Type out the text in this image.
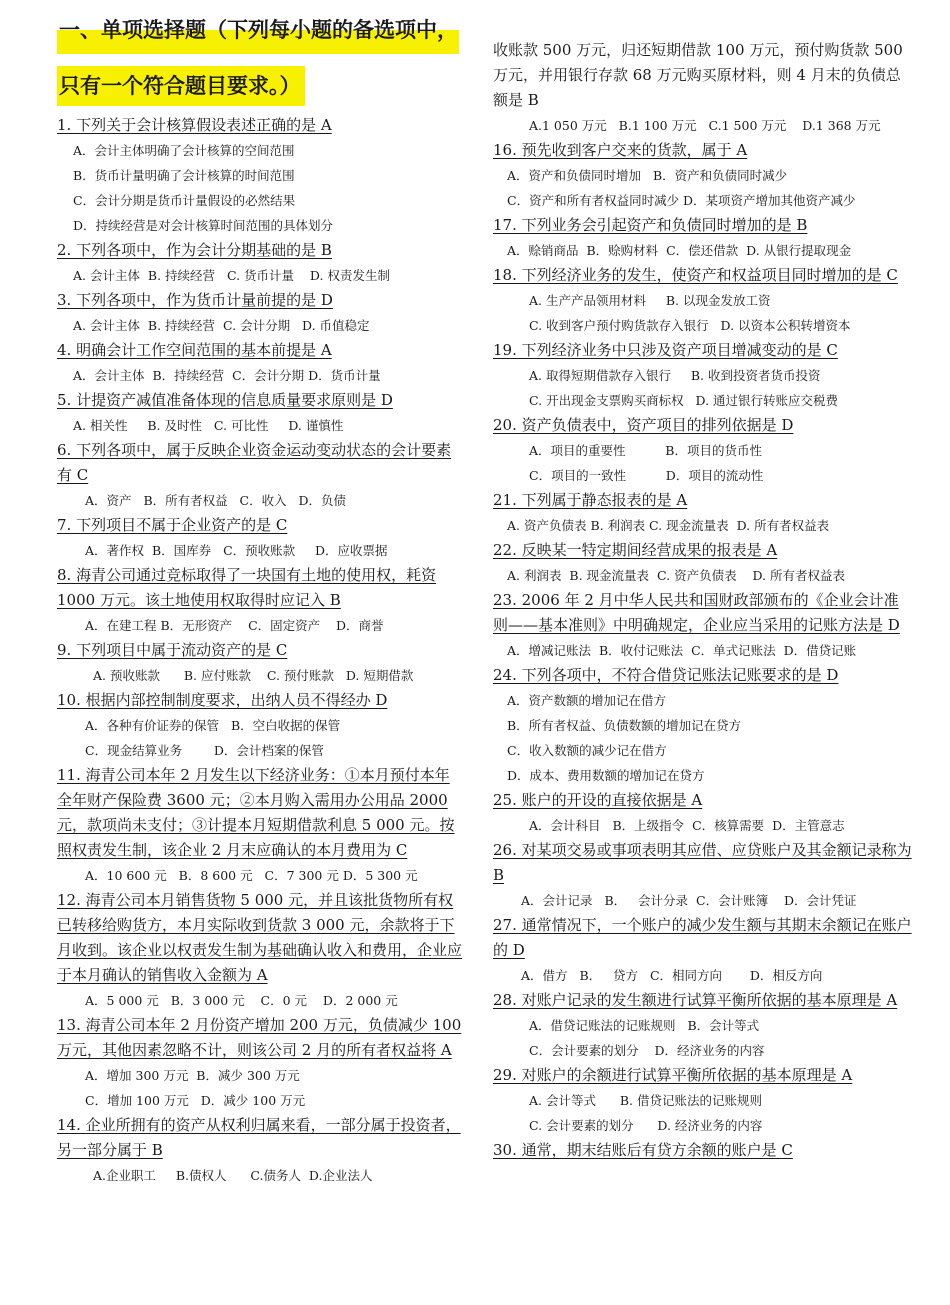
一、单项选择题（下列每小题的备选项中，
只有一个符合题目要求。）

1. 下列关于会计核算假设表述正确的是 A

A．会计主体明确了会计核算的空间范围

B．货币计量明确了会计核算的时间范围

C．会计分期是货币计量假设的必然结果

D．持续经营是对会计核算时间范围的具体划分

2. 下列各项中，作为会计分期基础的是 B

A. 会计主体  B. 持续经营   C. 货币计量    D. 权责发生制

3. 下列各项中，作为货币计量前提的是 D

A. 会计主体  B. 持续经营  C. 会计分期   D. 币值稳定

4. 明确会计工作空间范围的基本前提是 A

A．会计主体  B．持续经营  C．会计分期 D．货币计量

5. 计提资产减值准备体现的信息质量要求原则是 D

A. 相关性     B. 及时性   C. 可比性     D. 谨慎性

6. 下列各项中，属于反映企业资金运动变动状态的会计要素有 C

A．资产   B．所有者权益   C．收入   D．负债

7. 下列项目不属于企业资产的是 C

A．著作权  B．国库券   C．预收账款     D．应收票据

8. 海青公司通过竞标取得了一块国有土地的使用权，耗资 1000 万元。该土地使用权取得时应记入 B

A．在建工程 B．无形资产    C．固定资产    D．商誉

9. 下列项目中属于流动资产的是 C

A. 预收账款      B. 应付账款    C. 预付账款   D. 短期借款

10. 根据内部控制制度要求，出纳人员不得经办 D

A．各种有价证券的保管   B．空白收据的保管

C．现金结算业务        D．会计档案的保管

11. 海青公司本年 2 月发生以下经济业务：①本月预付本年全年财产保险费 3600 元；②本月购入需用办公用品 2000 元，款项尚未支付；③计提本月短期借款利息 5 000 元。按照权责发生制，该企业 2 月末应确认的本月费用为 C

A．10 600 元   B．8 600 元   C．7 300 元 D．5 300 元

12. 海青公司本月销售货物 5 000 元，并且该批货物所有权已转移给购货方，本月实际收到货款 3 000 元，余款将于下月收到。该企业以权责发生制为基础确认收入和费用，企业应于本月确认的销售收入金额为 A

A．5 000 元   B．3 000 元    C．0 元    D．2 000 元

13. 海青公司本年 2 月份资产增加 200 万元，负债减少 100 万元，其他因素忽略不计，则该公司 2 月的所有者权益将 A

A．增加 300 万元  B．减少 300 万元

C．增加 100 万元   D．减少 100 万元

14. 企业所拥有的资产从权利归属来看，一部分属于投资者，另一部分属于 B

A.企业职工     B.债权人      C.债务人  D.企业法人

收账款 500 万元，归还短期借款 100 万元，预付购货款 500 万元，并用银行存款 68 万元购买原材料，则 4 月末的负债总额是 B

A.1 050 万元   B.1 100 万元   C.1 500 万元    D.1 368 万元

16. 预先收到客户交来的货款，属于 A

A．资产和负债同时增加   B．资产和负债同时减少

C．资产和所有者权益同时减少 D．某项资产增加其他资产减少

17. 下列业务会引起资产和负债同时增加的是 B

A．赊销商品  B．赊购材料  C．偿还借款  D. 从银行提取现金

18. 下列经济业务的发生，使资产和权益项目同时增加的是 C

A. 生产产品领用材料     B. 以现金发放工资

C. 收到客户预付购货款存入银行   D. 以资本公积转增资本

19. 下列经济业务中只涉及资产项目增减变动的是 C

A. 取得短期借款存入银行     B. 收到投资者货币投资

C. 开出现金支票购买商标权   D. 通过银行转账应交税费

20. 资产负债表中，资产项目的排列依据是 D

A．项目的重要性          B．项目的货币性

C．项目的一致性          D．项目的流动性

21. 下列属于静态报表的是 A

A. 资产负债表 B. 利润表 C. 现金流量表  D. 所有者权益表

22. 反映某一特定期间经营成果的报表是 A

A. 利润表  B. 现金流量表  C. 资产负债表    D. 所有者权益表

23. 2006 年 2 月中华人民共和国财政部颁布的《企业会计准则——基本准则》中明确规定，企业应当采用的记账方法是 D

A．增减记账法  B．收付记账法  C．单式记账法  D．借贷记账

24. 下列各项中，不符合借贷记账法记账要求的是 D

A．资产数额的增加记在借方

B．所有者权益、负债数额的增加记在贷方

C．收入数额的减少记在借方

D．成本、费用数额的增加记在贷方

25. 账户的开设的直接依据是 A

A．会计科目   B．上级指令  C．核算需要  D．主管意志

26. 对某项交易或事项表明其应借、应贷账户及其金额记录称为 B

A．会计记录   B．   会计分录  C．会计账簿    D．会计凭证

27. 通常情况下，一个账户的减少发生额与其期末余额记在账户的 D

A．借方   B．   贷方   C．相同方向       D．相反方向

28. 对账户记录的发生额进行试算平衡所依据的基本原理是 A

A．借贷记账法的记账规则   B．会计等式

C．会计要素的划分    D．经济业务的内容

29. 对账户的余额进行试算平衡所依据的基本原理是 A

A. 会计等式      B. 借贷记账法的记账规则

C. 会计要素的划分      D. 经济业务的内容

30. 通常，期末结账后有贷方余额的账户是 C
